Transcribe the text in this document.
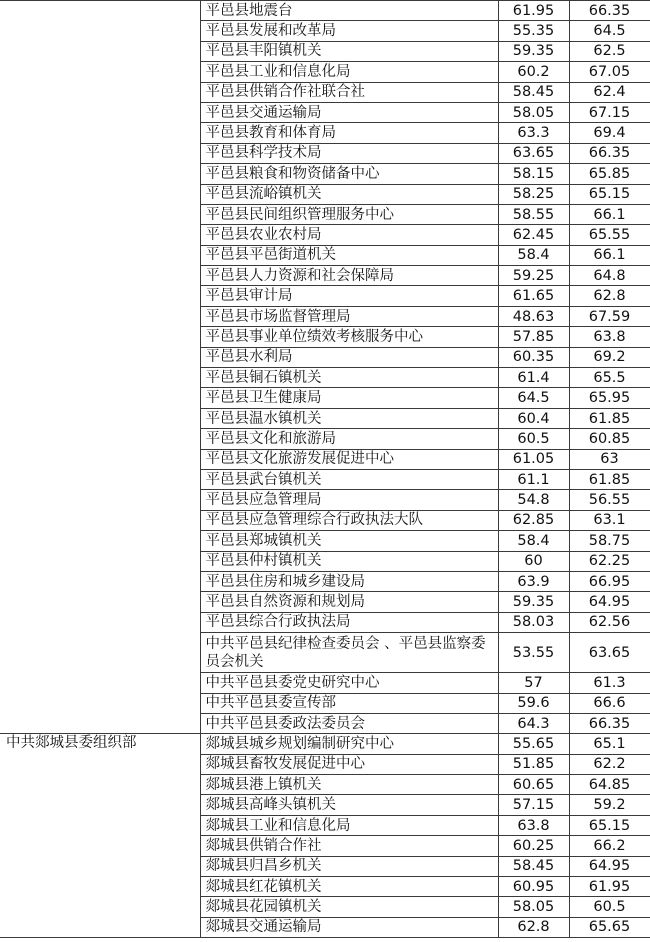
	平邑县地震台	61.95	66.35
	平邑县发展和改革局	55.35	64.5
	平邑县丰阳镇机关	59.35	62.5
	平邑县工业和信息化局	60.2	67.05
	平邑县供销合作社联合社	58.45	62.4
	平邑县交通运输局	58.05	67.15
	平邑县教育和体育局	63.3	69.4
	平邑县科学技术局	63.65	66.35
	平邑县粮食和物资储备中心	58.15	65.85
	平邑县流峪镇机关	58.25	65.15
	平邑县民间组织管理服务中心	58.55	66.1
	平邑县农业农村局	62.45	65.55
	平邑县平邑街道机关	58.4	66.1
	平邑县人力资源和社会保障局	59.25	64.8
	平邑县审计局	61.65	62.8
	平邑县市场监督管理局	48.63	67.59
	平邑县事业单位绩效考核服务中心	57.85	63.8
	平邑县水利局	60.35	69.2
	平邑县铜石镇机关	61.4	65.5
	平邑县卫生健康局	64.5	65.95
	平邑县温水镇机关	60.4	61.85
	平邑县文化和旅游局	60.5	60.85
	平邑县文化旅游发展促进中心	61.05	63
	平邑县武台镇机关	61.1	61.85
	平邑县应急管理局	54.8	56.55
	平邑县应急管理综合行政执法大队	62.85	63.1
	平邑县郑城镇机关	58.4	58.75
	平邑县仲村镇机关	60	62.25
	平邑县住房和城乡建设局	63.9	66.95
	平邑县自然资源和规划局	59.35	64.95
	平邑县综合行政执法局	58.03	62.56
	中共平邑县纪律检查委员会 、平邑县监察委员会机关	53.55	63.65
	中共平邑县委党史研究中心	57	61.3
	中共平邑县委宣传部	59.6	66.6
	中共平邑县委政法委员会	64.3	66.35
中共郯城县委组织部	郯城县城乡规划编制研究中心	55.65	65.1
	郯城县畜牧发展促进中心	51.85	62.2
	郯城县港上镇机关	60.65	64.85
	郯城县高峰头镇机关	57.15	59.2
	郯城县工业和信息化局	63.8	65.15
	郯城县供销合作社	60.25	66.2
	郯城县归昌乡机关	58.45	64.95
	郯城县红花镇机关	60.95	61.95
	郯城县花园镇机关	58.05	60.5
	郯城县交通运输局	62.8	65.65
